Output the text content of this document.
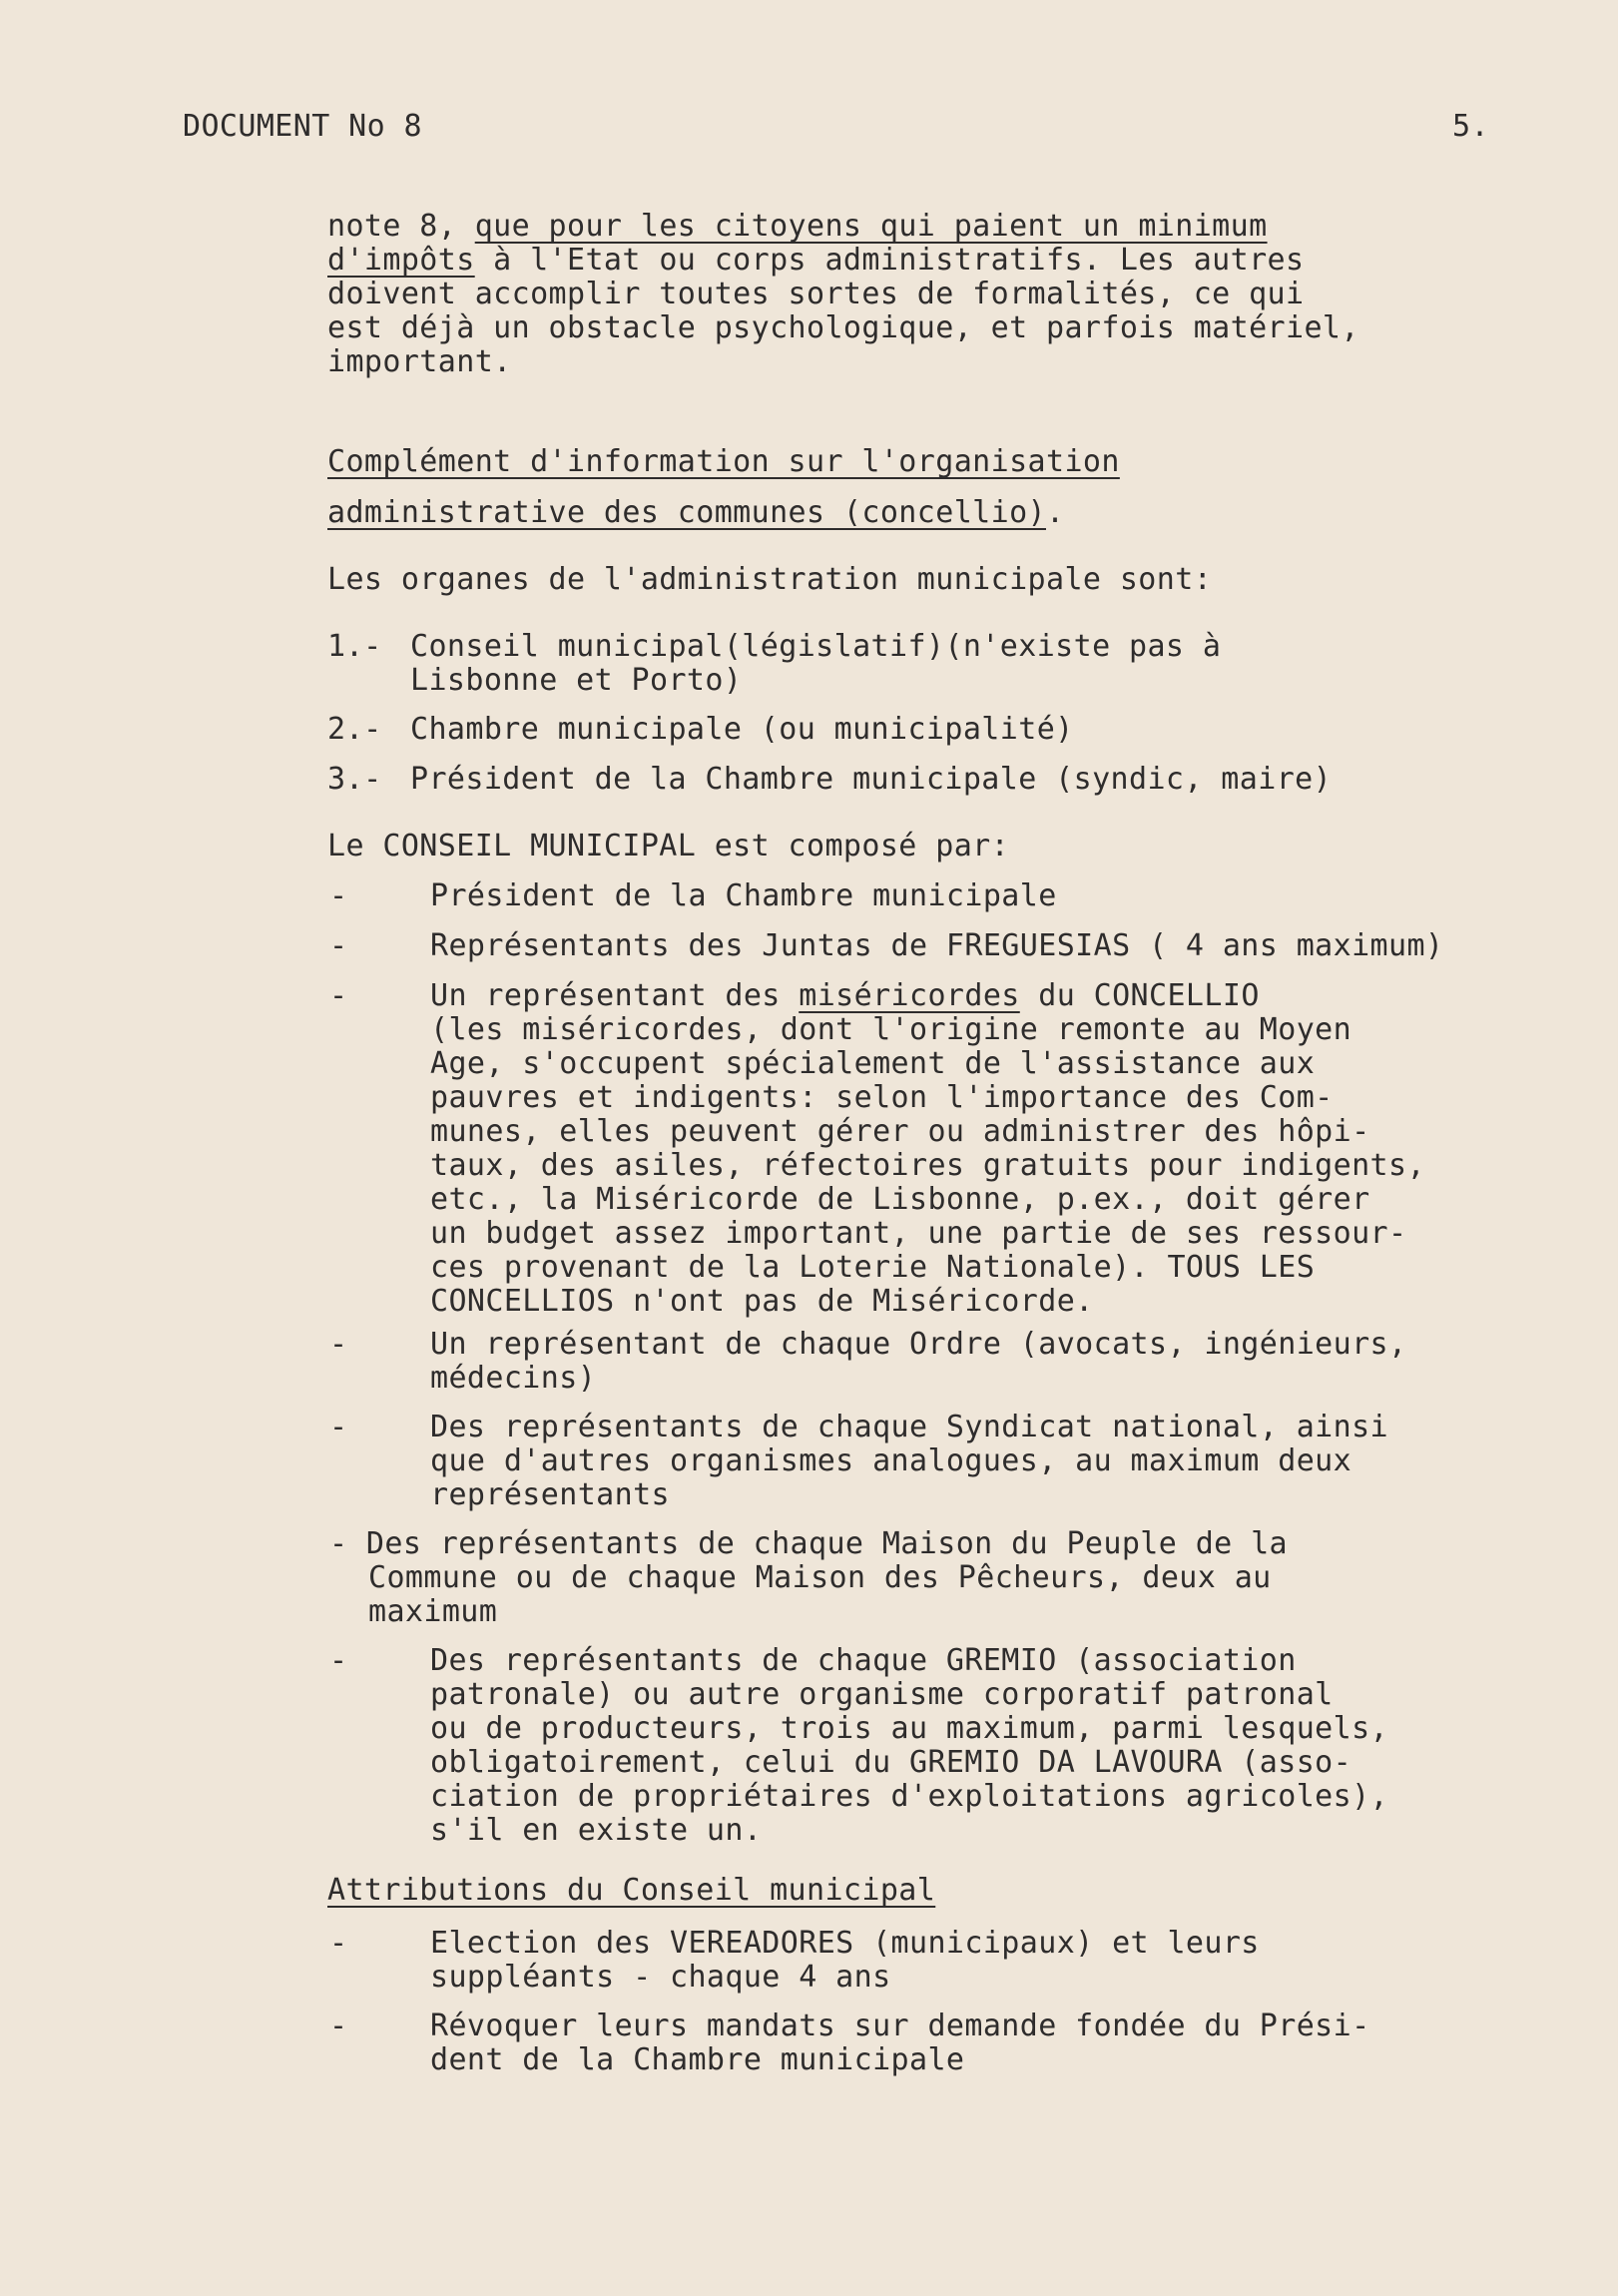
DOCUMENT No 8	5.
note 8, que pour les citoyens qui paient un minimum
d'impôts à l'Etat ou corps administratifs. Les autres
doivent accomplir toutes sortes de formalités, ce qui
est déjà un obstacle psychologique, et parfois matériel,
important.
Complément d'information sur l'organisation
administrative des communes (concellio).
Les organes de l'administration municipale sont:
1.- Conseil municipal(législatif)(n'existe pas à
Lisbonne et Porto)
2.- Chambre municipale (ou municipalité)
3.- Président de la Chambre municipale (syndic, maire)
Le CONSEIL MUNICIPAL est composé par:
-	Président de la Chambre municipale
-	Représentants des Juntas de FREGUESIAS ( 4 ans maximum)
-	Un représentant des miséricordes du CONCELLIO
(les miséricordes, dont l'origine remonte au Moyen
Age, s'occupent spécialement de l'assistance aux
pauvres et indigents: selon l'importance des Com-
munes, elles peuvent gérer ou administrer des hôpi-
taux, des asiles, réfectoires gratuits pour indigents,
etc., la Miséricorde de Lisbonne, p.ex., doit gérer
un budget assez important, une partie de ses ressour-
ces provenant de la Loterie Nationale). TOUS LES
CONCELLIOS n'ont pas de Miséricorde.
-	Un représentant de chaque Ordre (avocats, ingénieurs,
médecins)
-	Des représentants de chaque Syndicat national, ainsi
que d'autres organismes analogues, au maximum deux
représentants
- Des représentants de chaque Maison du Peuple de la
Commune ou de chaque Maison des Pêcheurs, deux au
maximum
-	Des représentants de chaque GREMIO (association
patronale) ou autre organisme corporatif patronal
ou de producteurs, trois au maximum, parmi lesquels,
obligatoirement, celui du GREMIO DA LAVOURA (asso-
ciation de propriétaires d'exploitations agricoles),
s'il en existe un.
Attributions du Conseil municipal
-	Election des VEREADORES (municipaux) et leurs
suppléants - chaque 4 ans
-	Révoquer leurs mandats sur demande fondée du Prési-
dent de la Chambre municipale
